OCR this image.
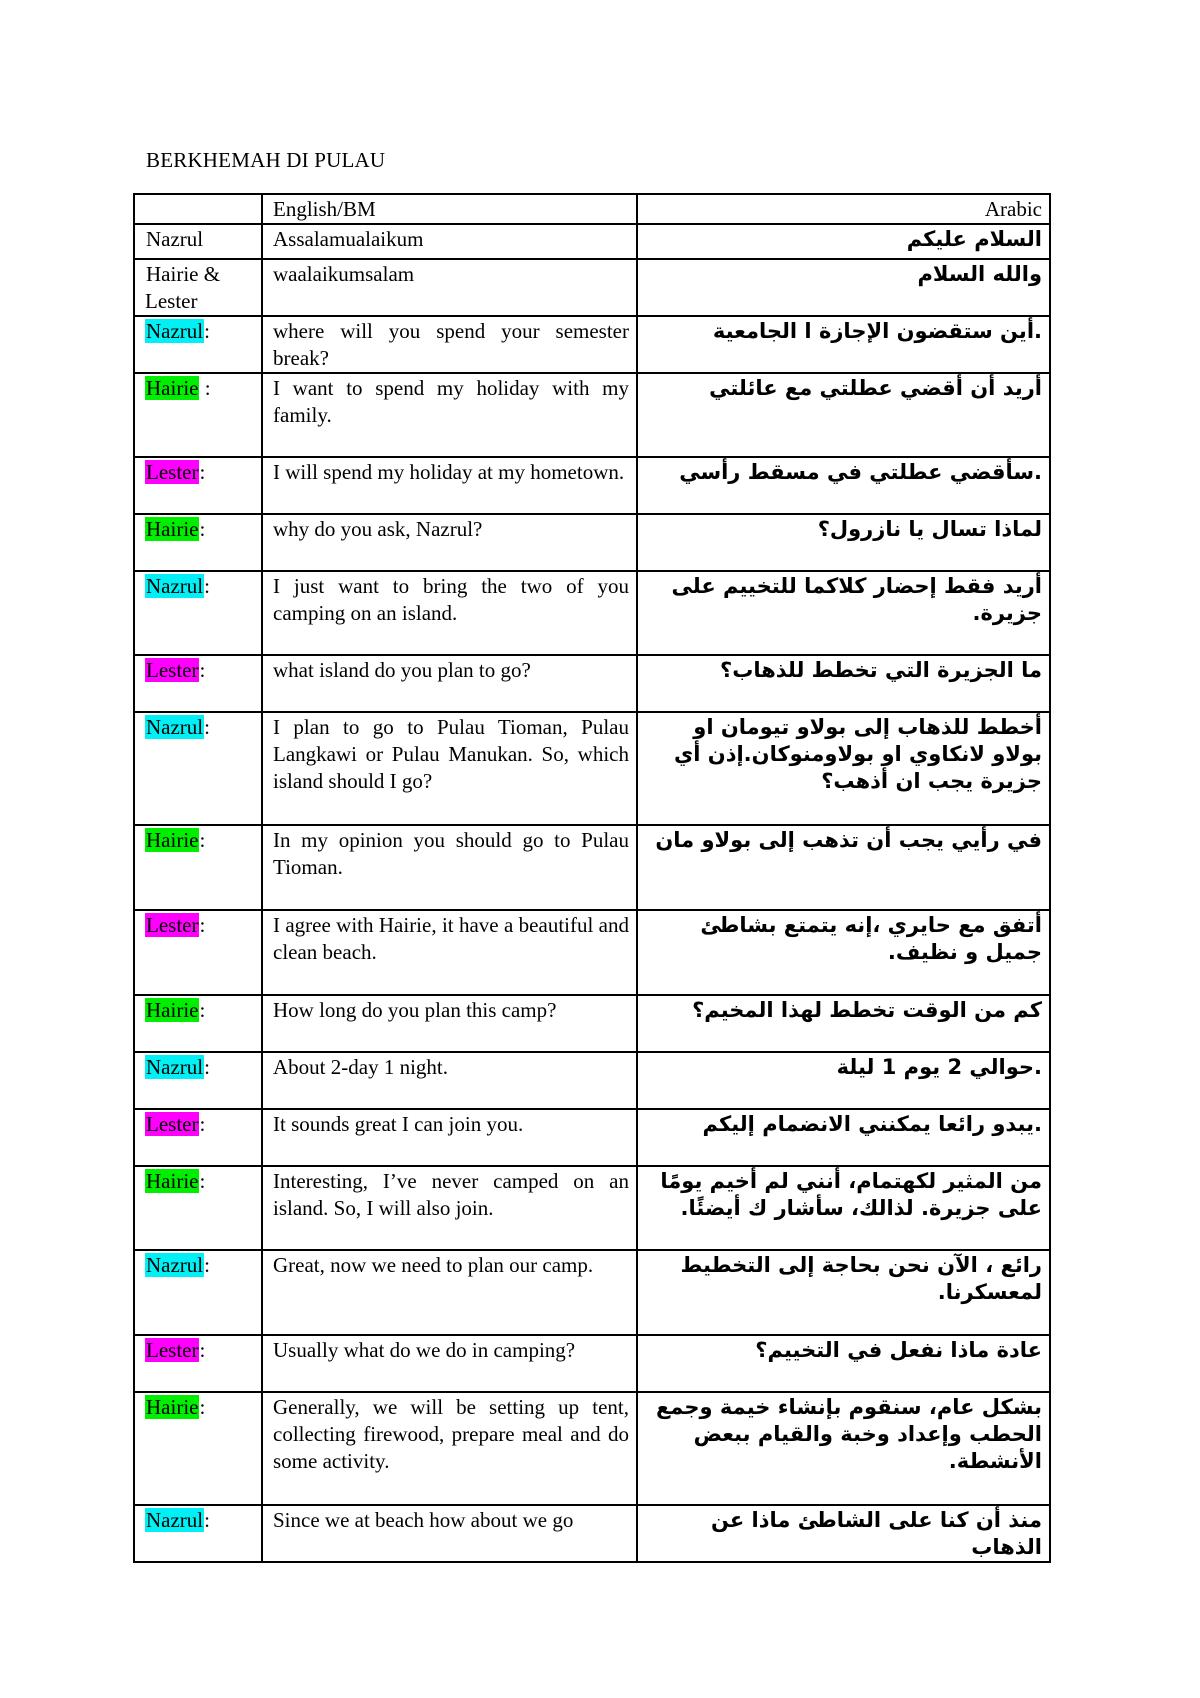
BERKHEMAH DI PULAU
	English/BM	Arabic
Nazrul	Assalamualaikum	السلام عليكم
Hairie & Lester	waalaikumsalam	والله السلام
Nazrul:	where will you spend your semester break?	.أين ستقضون الإجازة ا الجامعية
Hairie :	I want to spend my holiday with my family.	أريد أن أقضي عطلتي مع عائلتي
Lester:	I will spend my holiday at my hometown.	.سأقضي عطلتي في مسقط رأسي
Hairie:	why do you ask, Nazrul?	لماذا تسال يا نازرول؟
Nazrul:	I just want to bring the two of you camping on an island.	أريد فقط إحضار كلاكما للتخييم على جزيرة.
Lester:	what island do you plan to go?	ما الجزيرة التي تخطط للذهاب؟
Nazrul:	I plan to go to Pulau Tioman, Pulau Langkawi or Pulau Manukan. So, which island should I go?	أخطط للذهاب إلى بولاو تيومان او بولاو لانكاوي او بولاومنوكان.إذن أي جزيرة يجب ان أذهب؟
Hairie:	In my opinion you should go to Pulau Tioman.	في رأيي يجب أن تذهب إلى بولاو مان
Lester:	I agree with Hairie, it have a beautiful and clean beach.	أتفق مع حايري ،إنه يتمتع بشاطئ جميل و نظيف.
Hairie:	How long do you plan this camp?	كم من الوقت تخطط لهذا المخيم؟
Nazrul:	About 2-day 1 night.	.حوالي 2 يوم 1 ليلة
Lester:	It sounds great I can join you.	.يبدو رائعا يمكنني الانضمام إليكم
Hairie:	Interesting, I’ve never camped on an island. So, I will also join.	من المثير لكهتمام، أنني لم أخيم يومًا على جزيرة. لذالك، سأشار ك أيضئًا.
Nazrul:	Great, now we need to plan our camp.	رائع ، الآن نحن بحاجة إلى التخطيط لمعسكرنا.
Lester:	Usually what do we do in camping?	عادة ماذا نفعل في التخييم؟
Hairie:	Generally, we will be setting up tent, collecting firewood, prepare meal and do some activity.	بشكل عام، سنقوم بإنشاء خيمة وجمع الحطب وإعداد وخبة والقيام ببعض الأنشطة.
Nazrul:	Since we at beach how about we go	منذ أن كنا على الشاطئ ماذا عن الذهاب
